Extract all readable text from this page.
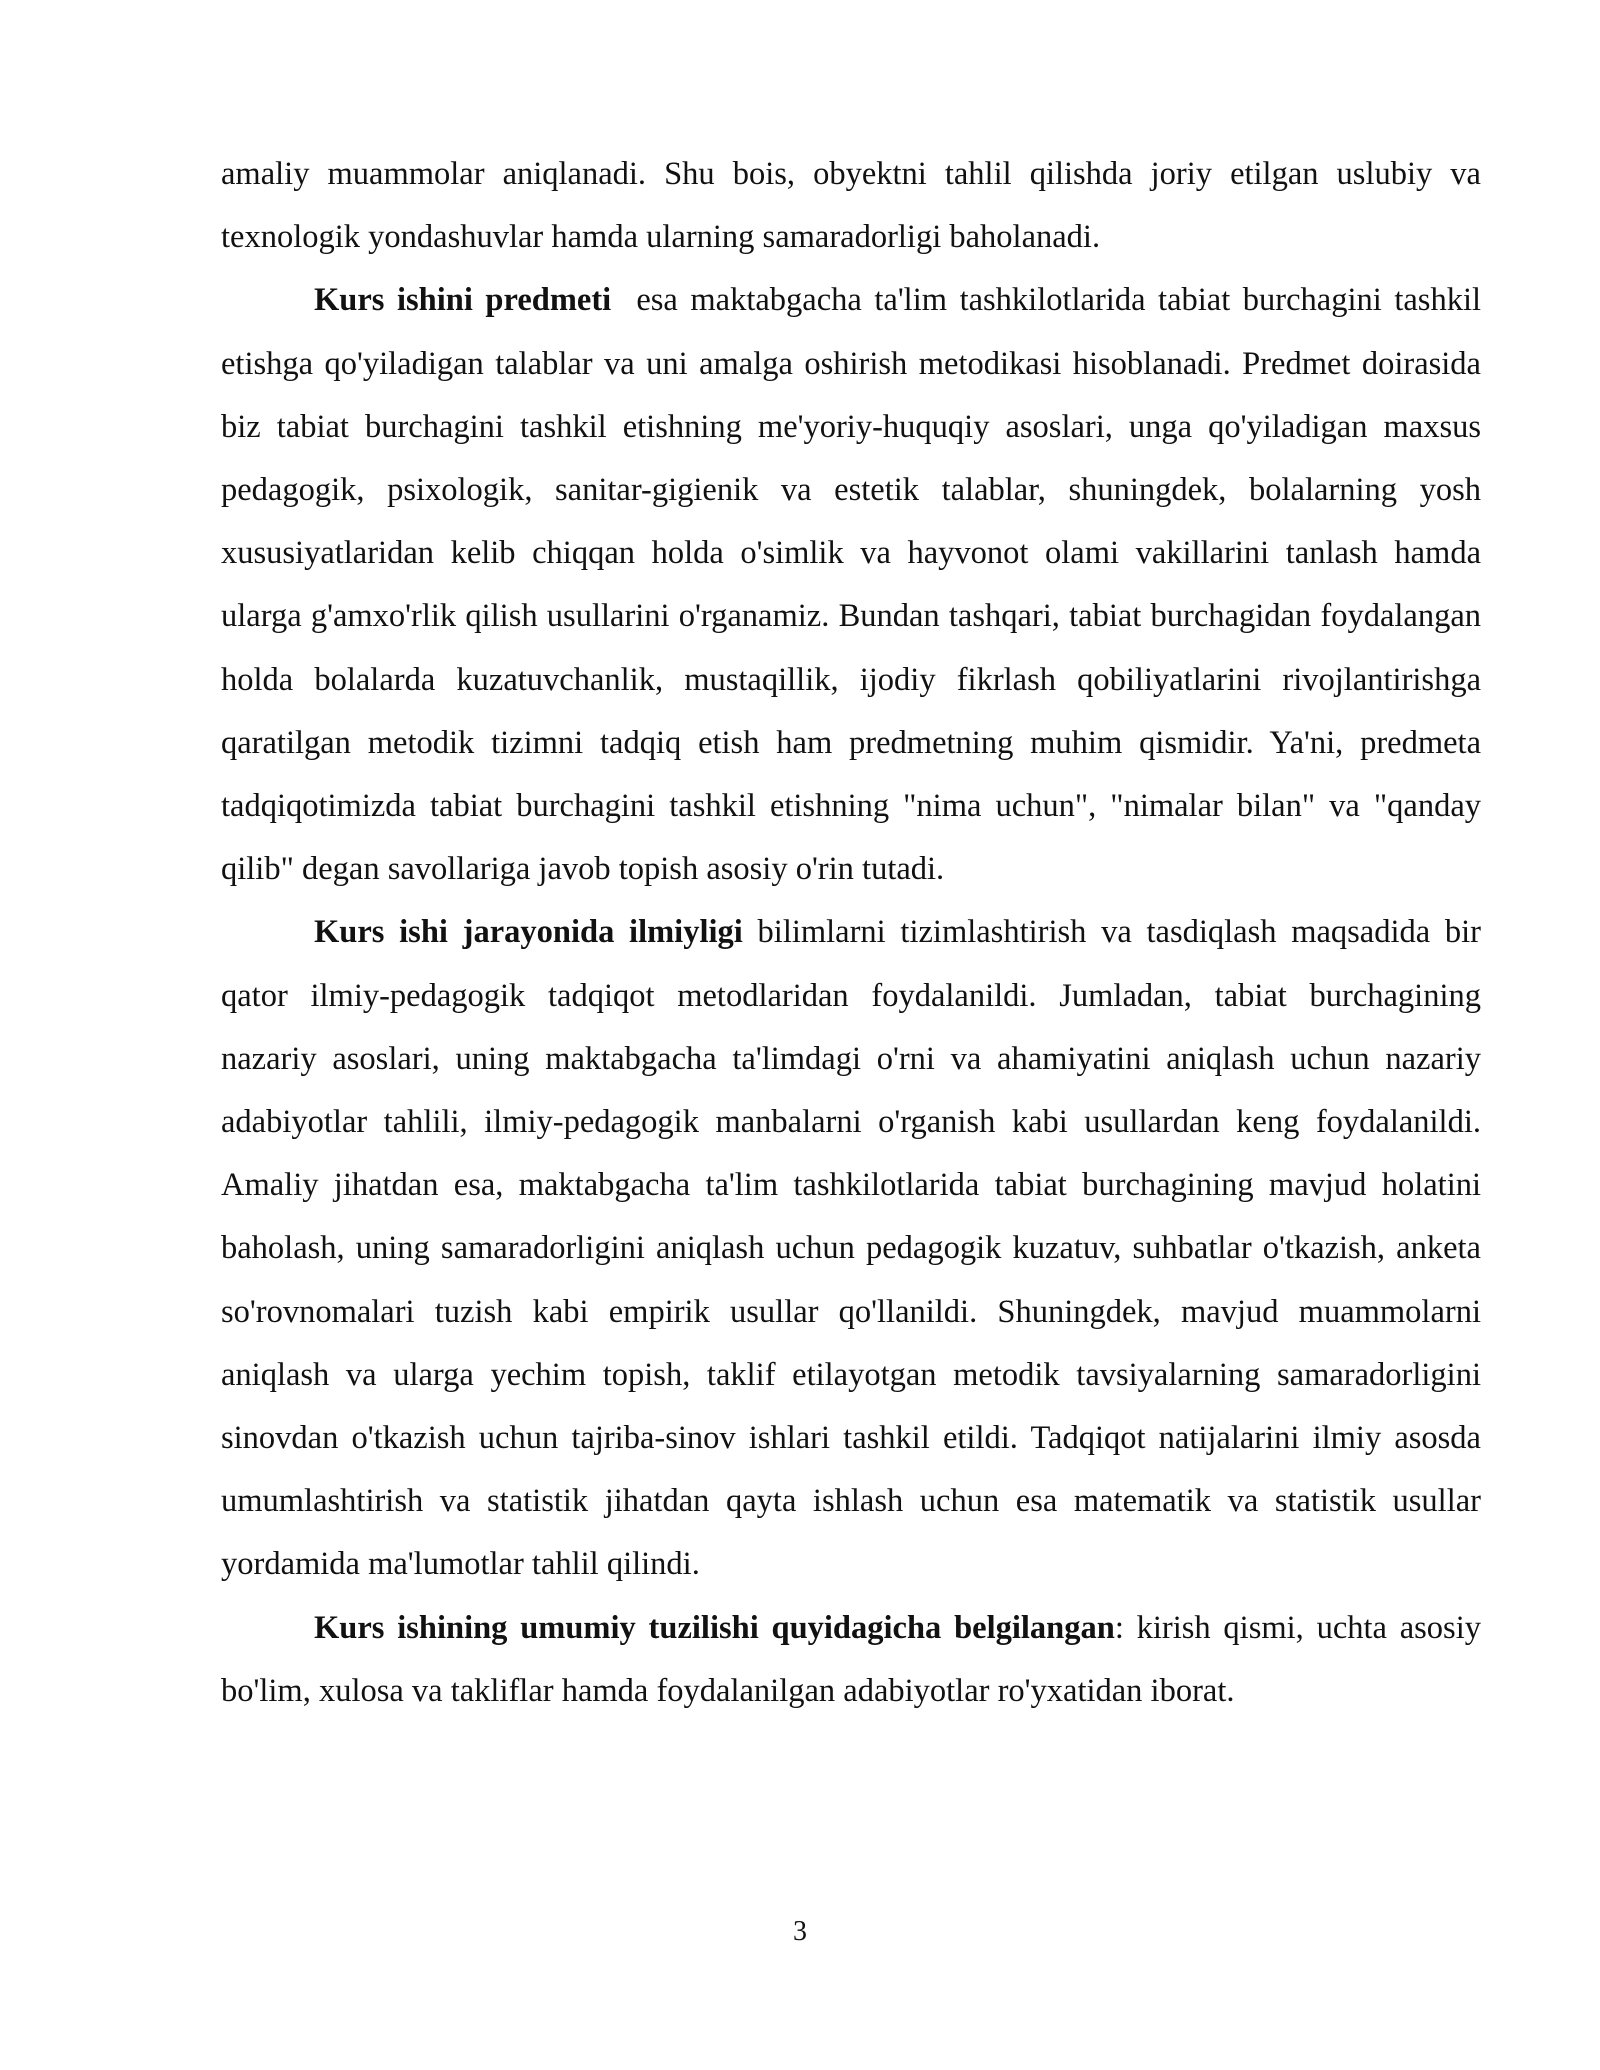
amaliy muammolar aniqlanadi. Shu bois, obyektni tahlil qilishda joriy etilgan uslubiy va texnologik yondashuvlar hamda ularning samaradorligi baholanadi.

Kurs ishini predmeti  esa maktabgacha ta'lim tashkilotlarida tabiat burchagini tashkil etishga qo'yiladigan talablar va uni amalga oshirish metodikasi hisoblanadi. Predmet doirasida biz tabiat burchagini tashkil etishning me'yoriy-huquqiy asoslari, unga qo'yiladigan maxsus pedagogik, psixologik, sanitar-gigienik va estetik talablar, shuningdek, bolalarning yosh xususiyatlaridan kelib chiqqan holda o'simlik va hayvonot olami vakillarini tanlash hamda ularga g'amxo'rlik qilish usullarini o'rganamiz. Bundan tashqari, tabiat burchagidan foydalangan holda bolalarda kuzatuvchanlik, mustaqillik, ijodiy fikrlash qobiliyatlarini rivojlantirishga qaratilgan metodik tizimni tadqiq etish ham predmetning muhim qismidir. Ya'ni, predmeta tadqiqotimizda tabiat burchagini tashkil etishning "nima uchun", "nimalar bilan" va "qanday qilib" degan savollariga javob topish asosiy o'rin tutadi.

Kurs ishi jarayonida ilmiyligi bilimlarni tizimlashtirish va tasdiqlash maqsadida bir qator ilmiy-pedagogik tadqiqot metodlaridan foydalanildi. Jumladan, tabiat burchagining nazariy asoslari, uning maktabgacha ta'limdagi o'rni va ahamiyatini aniqlash uchun nazariy adabiyotlar tahlili, ilmiy-pedagogik manbalarni o'rganish kabi usullardan keng foydalanildi. Amaliy jihatdan esa, maktabgacha ta'lim tashkilotlarida tabiat burchagining mavjud holatini baholash, uning samaradorligini aniqlash uchun pedagogik kuzatuv, suhbatlar o'tkazish, anketa so'rovnomalari tuzish kabi empirik usullar qo'llanildi. Shuningdek, mavjud muammolarni aniqlash va ularga yechim topish, taklif etilayotgan metodik tavsiyalarning samaradorligini sinovdan o'tkazish uchun tajriba-sinov ishlari tashkil etildi. Tadqiqot natijalarini ilmiy asosda umumlashtirish va statistik jihatdan qayta ishlash uchun esa matematik va statistik usullar yordamida ma'lumotlar tahlil qilindi.

Kurs ishining umumiy tuzilishi quyidagicha belgilangan: kirish qismi, uchta asosiy bo'lim, xulosa va takliflar hamda foydalanilgan adabiyotlar ro'yxatidan iborat.

3
